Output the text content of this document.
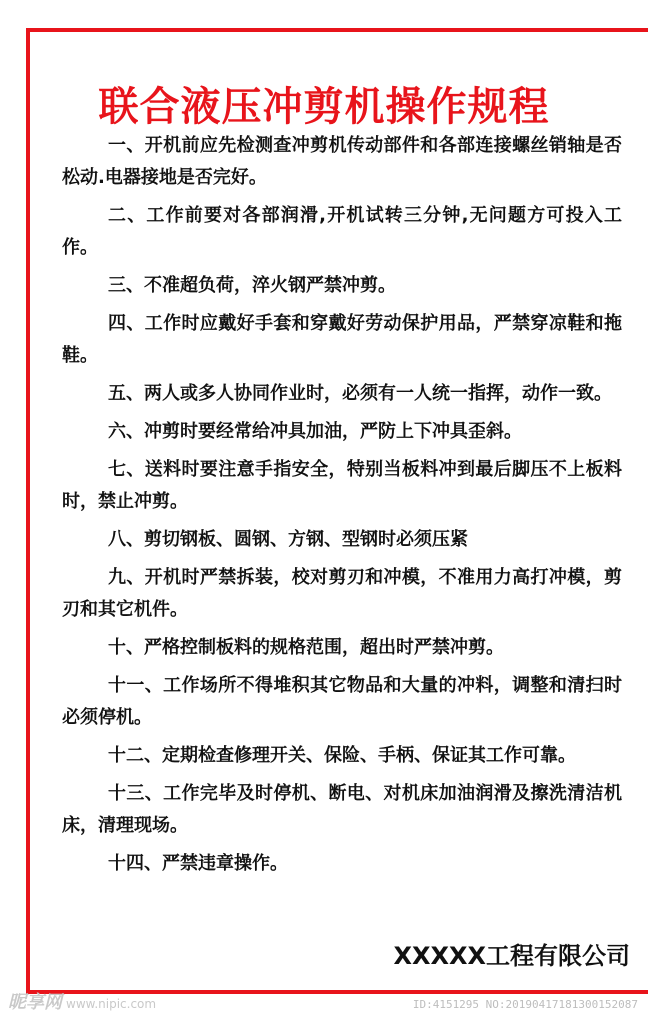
联合液压冲剪机操作规程
一、开机前应先检测查冲剪机传动部件和各部连接螺丝销轴是否松动.电器接地是否完好。
二、工作前要对各部润滑,开机试转三分钟,无问题方可投入工作。
三、不准超负荷，淬火钢严禁冲剪。
四、工作时应戴好手套和穿戴好劳动保护用品，严禁穿凉鞋和拖鞋。
五、两人或多人协同作业时，必须有一人统一指挥，动作一致。
六、冲剪时要经常给冲具加油，严防上下冲具歪斜。
七、送料时要注意手指安全，特别当板料冲到最后脚压不上板料时，禁止冲剪。
八、剪切钢板、圆钢、方钢、型钢时必须压紧
九、开机时严禁拆装，校对剪刃和冲模，不准用力高打冲模，剪刃和其它机件。
十、严格控制板料的规格范围，超出时严禁冲剪。
十一、工作场所不得堆积其它物品和大量的冲料，调整和清扫时必须停机。
十二、定期检查修理开关、保险、手柄、保证其工作可靠。
十三、工作完毕及时停机、断电、对机床加油润滑及擦洗清洁机床，清理现场。
十四、严禁违章操作。
XXXXX工程有限公司
昵享网 www.nipic.com	ID:4151295 NO:20190417181300152087
